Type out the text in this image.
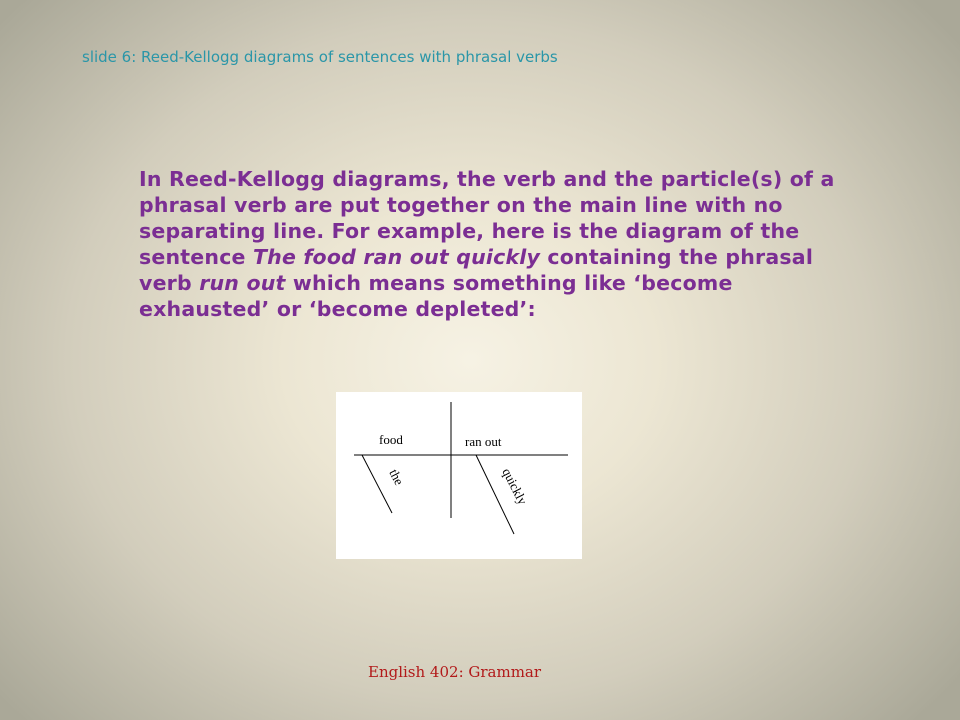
slide 6: Reed-Kellogg diagrams of sentences with phrasal verbs

In Reed-Kellogg diagrams, the verb and the particle(s) of a phrasal verb are put together on the main line with no separating line. For example, here is the diagram of the sentence The food ran out quickly containing the phrasal verb run out which means something like ‘become exhausted’ or ‘become depleted’:

food	ran out
the	quickly
English 402: Grammar
